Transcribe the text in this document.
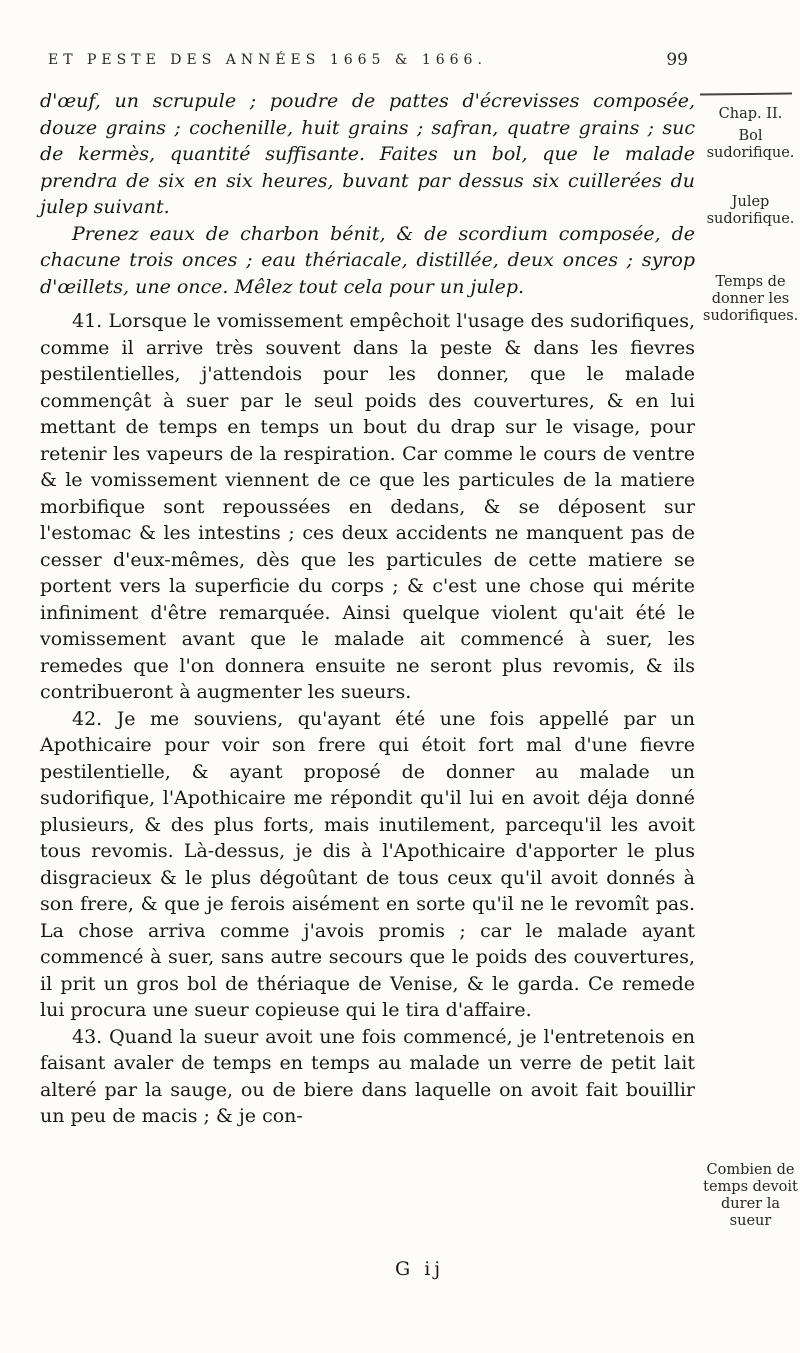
ET PESTE DES ANNÉES 1665 & 1666.	99
Chap. II.
Bol sudorifique.
Julep sudorifique.
Temps de donner les sudorifiques.
Combien de temps devoit durer la sueur

d'œuf, un scrupule ; poudre de pattes d'écrevisses composée, douze grains ; cochenille, huit grains ; safran, quatre grains ; suc de kermès, quantité suffisante. Faites un bol, que le malade prendra de six en six heures, buvant par dessus six cuillerées du julep suivant.

Prenez eaux de charbon bénit, & de scordium composée, de chacune trois onces ; eau thériacale, distillée, deux onces ; syrop d'œillets, une once. Mêlez tout cela pour un julep.

41. Lorsque le vomissement empêchoit l'usage des sudorifiques, comme il arrive très souvent dans la peste & dans les fievres pestilentielles, j'attendois pour les donner, que le malade commençât à suer par le seul poids des couvertures, & en lui mettant de temps en temps un bout du drap sur le visage, pour retenir les vapeurs de la respiration. Car comme le cours de ventre & le vomissement viennent de ce que les particules de la matiere morbifique sont repoussées en dedans, & se déposent sur l'estomac & les intestins ; ces deux accidents ne manquent pas de cesser d'eux-mêmes, dès que les particules de cette matiere se portent vers la superficie du corps ; & c'est une chose qui mérite infiniment d'être remarquée. Ainsi quelque violent qu'ait été le vomissement avant que le malade ait commencé à suer, les remedes que l'on donnera ensuite ne seront plus revomis, & ils contribueront à augmenter les sueurs.

42. Je me souviens, qu'ayant été une fois appellé par un Apothicaire pour voir son frere qui étoit fort mal d'une fievre pestilentielle, & ayant proposé de donner au malade un sudorifique, l'Apothicaire me répondit qu'il lui en avoit déja donné plusieurs, & des plus forts, mais inutilement, parcequ'il les avoit tous revomis. Là-dessus, je dis à l'Apothicaire d'apporter le plus disgracieux & le plus dégoûtant de tous ceux qu'il avoit donnés à son frere, & que je ferois aisément en sorte qu'il ne le revomît pas. La chose arriva comme j'avois promis ; car le malade ayant commencé à suer, sans autre secours que le poids des couvertures, il prit un gros bol de thériaque de Venise, & le garda. Ce remede lui procura une sueur copieuse qui le tira d'affaire.

43. Quand la sueur avoit une fois commencé, je l'entretenois en faisant avaler de temps en temps au malade un verre de petit lait alteré par la sauge, ou de biere dans laquelle on avoit fait bouillir un peu de macis ; & je con-

G ij
